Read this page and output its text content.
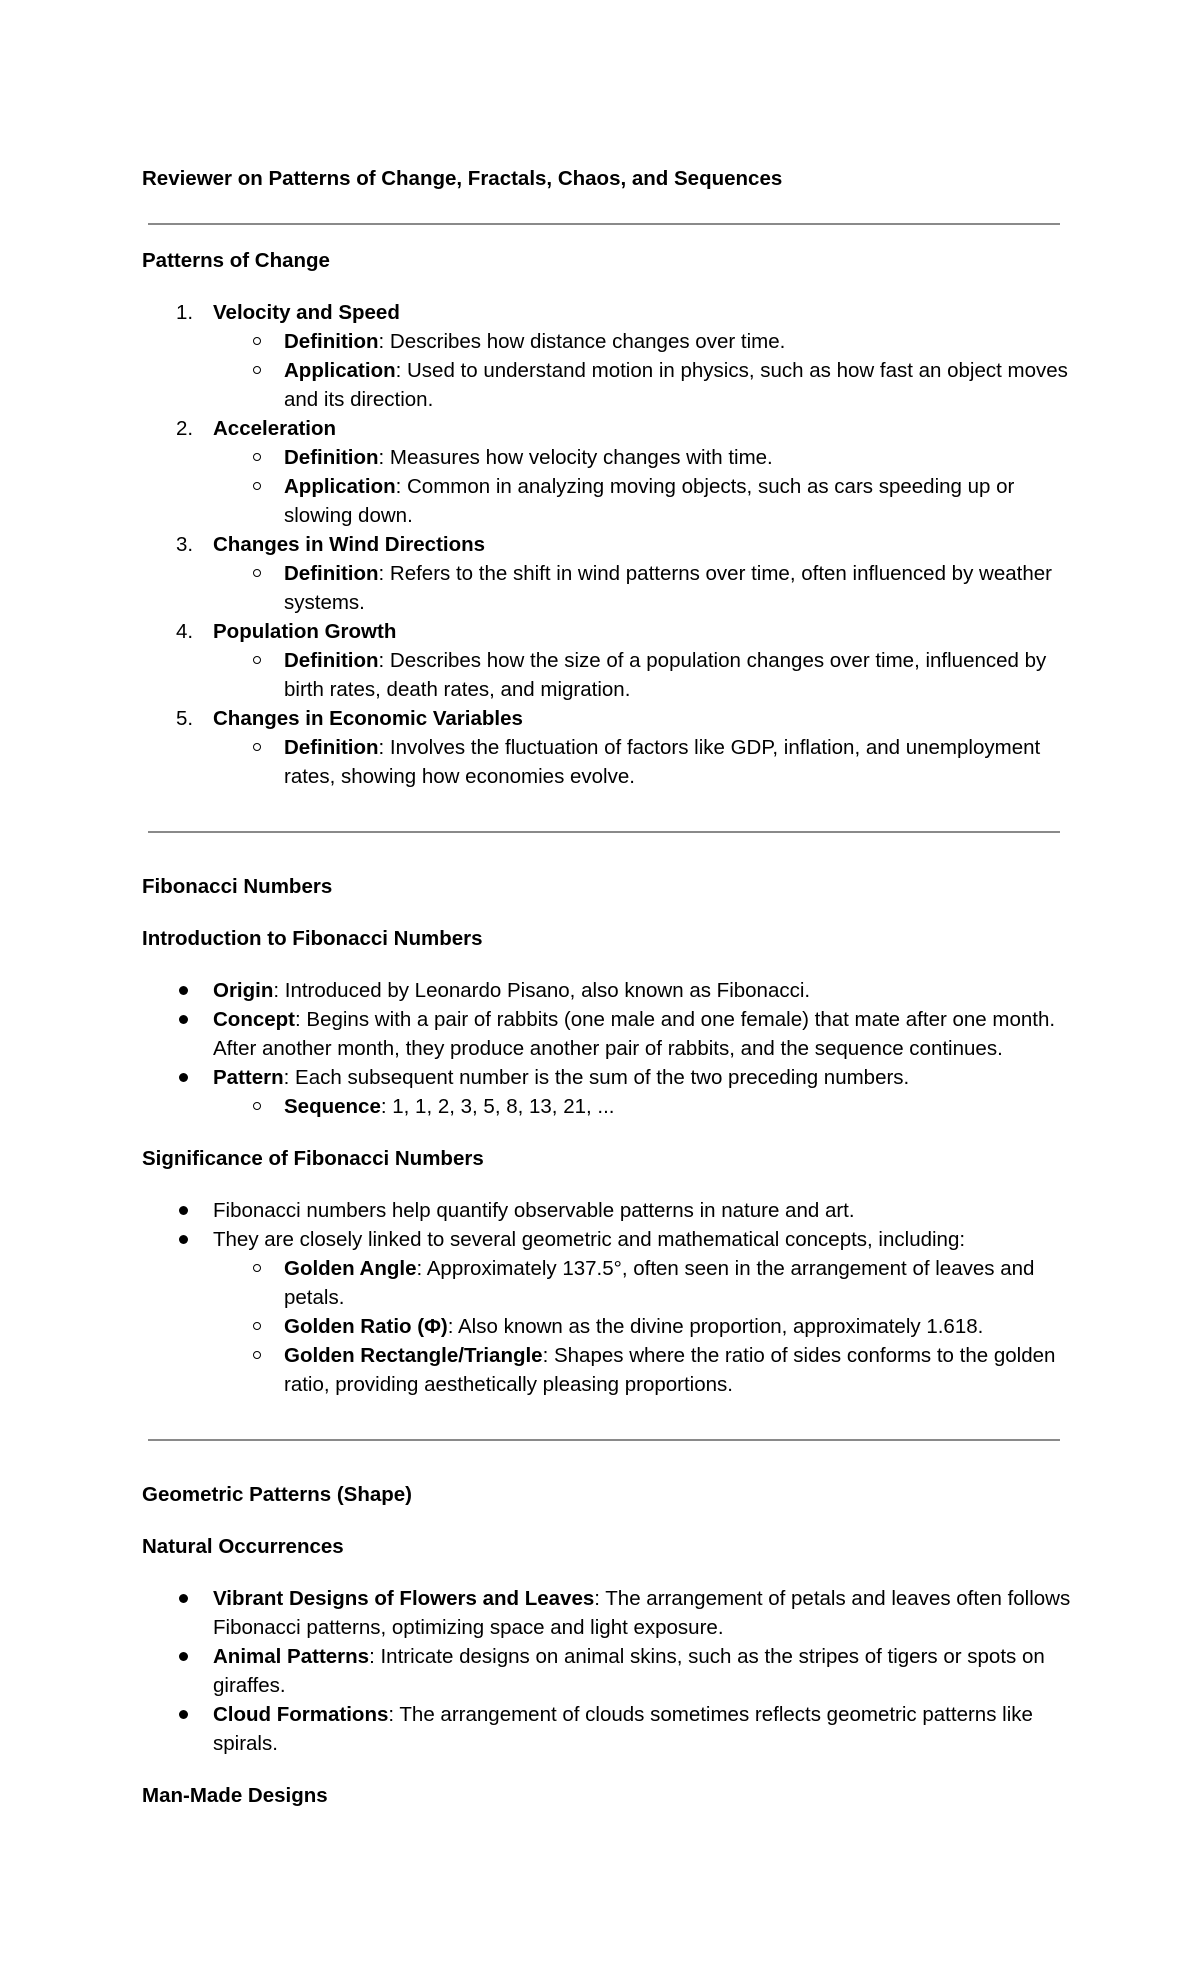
Reviewer on Patterns of Change, Fractals, Chaos, and Sequences

Patterns of Change

1. Velocity and Speed
Definition: Describes how distance changes over time.
Application: Used to understand motion in physics, such as how fast an object moves and its direction.
2. Acceleration
Definition: Measures how velocity changes with time.
Application: Common in analyzing moving objects, such as cars speeding up or slowing down.
3. Changes in Wind Directions
Definition: Refers to the shift in wind patterns over time, often influenced by weather systems.
4. Population Growth
Definition: Describes how the size of a population changes over time, influenced by birth rates, death rates, and migration.
5. Changes in Economic Variables
Definition: Involves the fluctuation of factors like GDP, inflation, and unemployment rates, showing how economies evolve.

Fibonacci Numbers

Introduction to Fibonacci Numbers

Origin: Introduced by Leonardo Pisano, also known as Fibonacci.
Concept: Begins with a pair of rabbits (one male and one female) that mate after one month. After another month, they produce another pair of rabbits, and the sequence continues.
Pattern: Each subsequent number is the sum of the two preceding numbers.
Sequence: 1, 1, 2, 3, 5, 8, 13, 21, ...

Significance of Fibonacci Numbers

Fibonacci numbers help quantify observable patterns in nature and art.
They are closely linked to several geometric and mathematical concepts, including:
Golden Angle: Approximately 137.5°, often seen in the arrangement of leaves and petals.
Golden Ratio (Φ): Also known as the divine proportion, approximately 1.618.
Golden Rectangle/Triangle: Shapes where the ratio of sides conforms to the golden ratio, providing aesthetically pleasing proportions.

Geometric Patterns (Shape)

Natural Occurrences

Vibrant Designs of Flowers and Leaves: The arrangement of petals and leaves often follows Fibonacci patterns, optimizing space and light exposure.
Animal Patterns: Intricate designs on animal skins, such as the stripes of tigers or spots on giraffes.
Cloud Formations: The arrangement of clouds sometimes reflects geometric patterns like spirals.

Man-Made Designs
